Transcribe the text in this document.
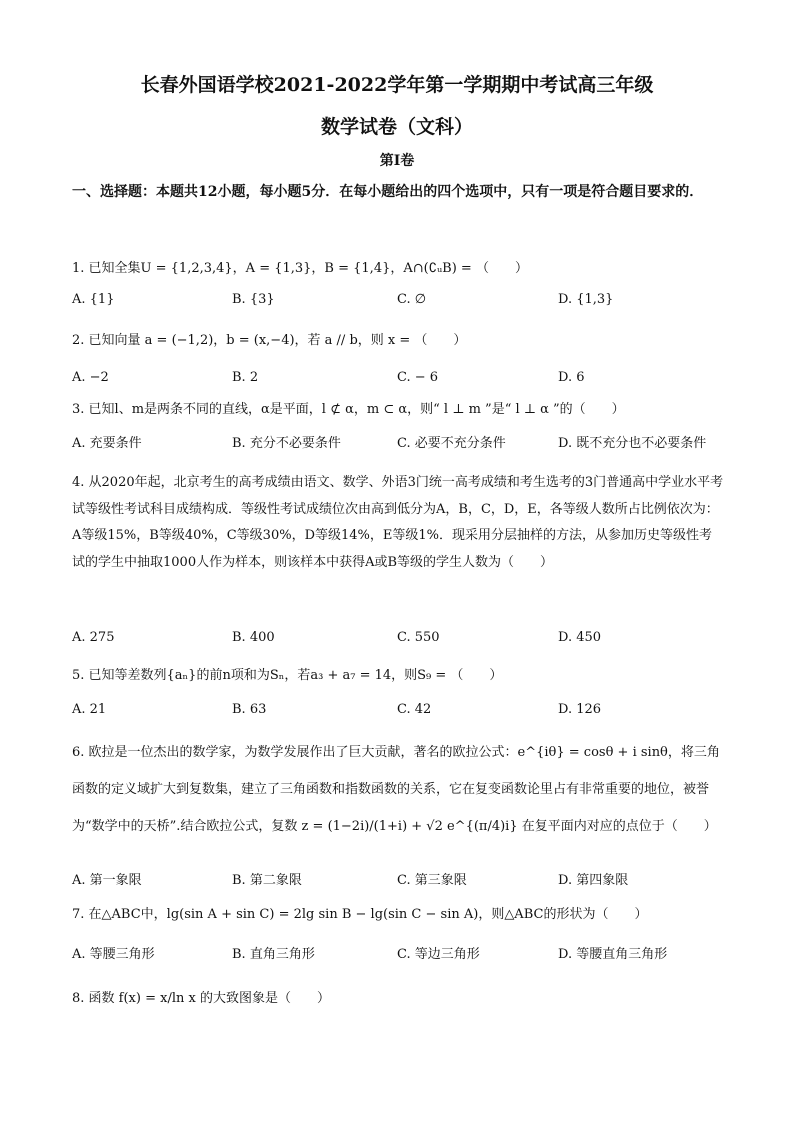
长春外国语学校2021-2022学年第一学期期中考试高三年级
数学试卷（文科）
第I卷
一、选择题：本题共12小题，每小题5分．在每小题给出的四个选项中，只有一项是符合题目要求的．
1. 已知全集U = {1,2,3,4}，A = {1,3}，B = {1,4}，A∩(∁ᵤB) = （　　）
A. {1}	B. {3}	C. ∅	D. {1,3}
2. 已知向量 a = (−1,2)，b = (x,−4)，若 a // b，则 x = （　　）
A. −2	B. 2	C. − 6	D. 6
3. 已知l、m是两条不同的直线，α是平面，l ⊄ α，m ⊂ α，则“ l ⊥ m ”是“ l ⊥ α ”的（　　）
A. 充要条件	B. 充分不必要条件	C. 必要不充分条件	D. 既不充分也不必要条件
4. 从2020年起，北京考生的高考成绩由语文、数学、外语3门统一高考成绩和考生选考的3门普通高中学业水平考试等级性考试科目成绩构成．等级性考试成绩位次由高到低分为A，B，C，D，E，各等级人数所占比例依次为：A等级15%，B等级40%，C等级30%，D等级14%，E等级1%．现采用分层抽样的方法，从参加历史等级性考试的学生中抽取1000人作为样本，则该样本中获得A或B等级的学生人数为（　　）
A. 275	B. 400	C. 550	D. 450
5. 已知等差数列{aₙ}的前n项和为Sₙ，若a₃ + a₇ = 14，则S₉ = （　　）
A. 21	B. 63	C. 42	D. 126
6. 欧拉是一位杰出的数学家，为数学发展作出了巨大贡献，著名的欧拉公式：e^{iθ} = cosθ + i sinθ，将三角函数的定义域扩大到复数集，建立了三角函数和指数函数的关系，它在复变函数论里占有非常重要的地位，被誉为“数学中的天桥”.结合欧拉公式，复数 z = (1−2i)/(1+i) + √2 e^{(π/4)i} 在复平面内对应的点位于（　　）
A. 第一象限	B. 第二象限	C. 第三象限	D. 第四象限
7. 在△ABC中，lg(sin A + sin C) = 2lg sin B − lg(sin C − sin A)，则△ABC的形状为（　　）
A. 等腰三角形	B. 直角三角形	C. 等边三角形	D. 等腰直角三角形
8. 函数 f(x) = x/ln x 的大致图象是（　　）
